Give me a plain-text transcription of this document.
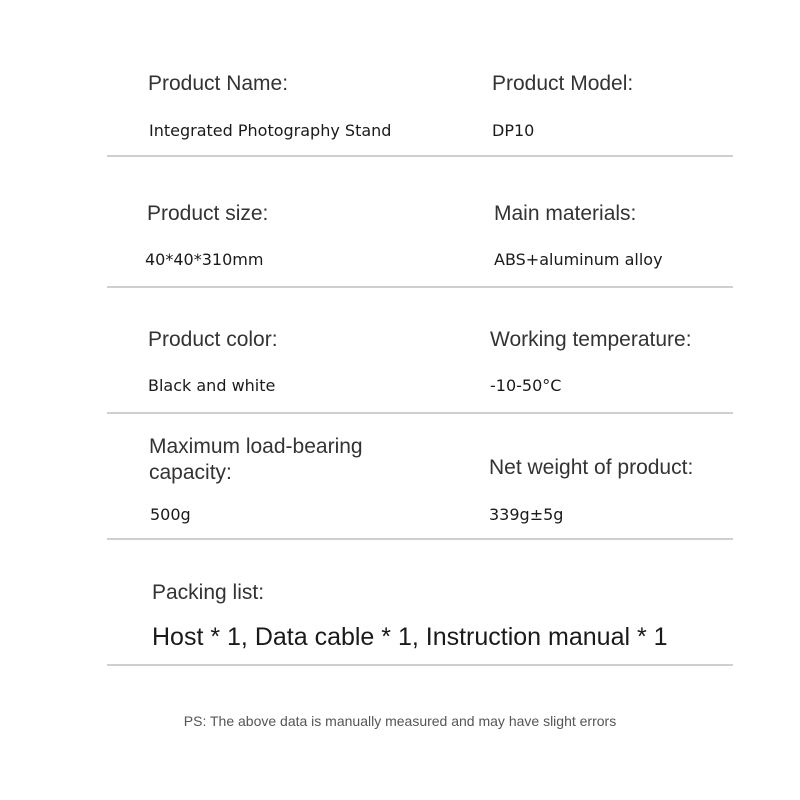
Product Name:
Integrated Photography Stand
Product Model:
DP10
Product size:
40*40*310mm
Main materials:
ABS+aluminum alloy
Product color:
Black and white
Working temperature:
-10-50°C
Maximum load-bearing capacity:
500g
Net weight of product:
339g±5g
Packing list:
Host * 1, Data cable * 1, Instruction manual * 1
PS: The above data is manually measured and may have slight errors
